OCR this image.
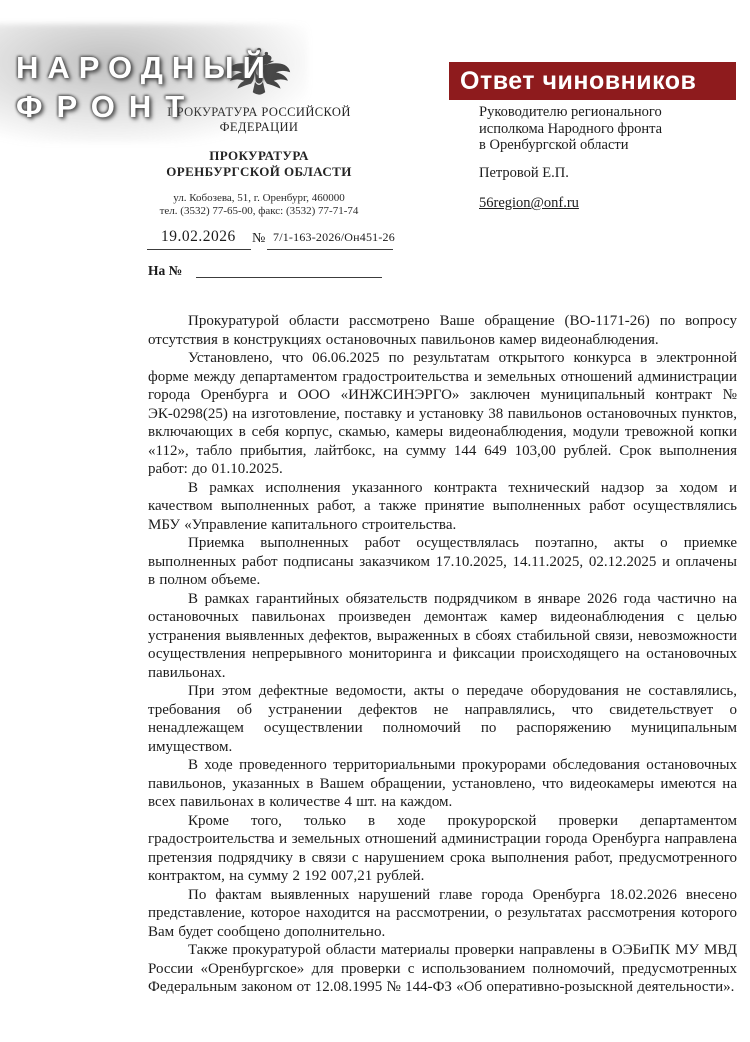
НАРОДНЫЙ
ФРОНТ
ПРОКУРАТУРА РОССИЙСКОЙ
ФЕДЕРАЦИИ
ПРОКУРАТУРА
ОРЕНБУРГСКОЙ ОБЛАСТИ
ул. Кобозева, 51, г. Оренбург, 460000
тел. (3532) 77-65-00, факс: (3532) 77-71-74
Ответ чиновников
Руководителю регионального
исполкома Народного фронта
в Оренбургской области
Петровой Е.П.
56region@onf.ru
19.02.2026 № 7/1-163-2026/Он451-26
На №

Прокуратурой области рассмотрено Ваше обращение (ВО-1171-26) по вопросу отсутствия в конструкциях остановочных павильонов камер видеонаблюдения.

Установлено, что 06.06.2025 по результатам открытого конкурса в электронной форме между департаментом градостроительства и земельных отношений администрации города Оренбурга и ООО «ИНЖСИНЭРГО» заключен муниципальный контракт № ЭК-0298(25) на изготовление, поставку и установку 38 павильонов остановочных пунктов, включающих в себя корпус, скамью, камеры видеонаблюдения, модули тревожной копки «112», табло прибытия, лайтбокс, на сумму 144 649 103,00 рублей. Срок выполнения работ: до 01.10.2025.

В рамках исполнения указанного контракта технический надзор за ходом и качеством выполненных работ, а также принятие выполненных работ осуществлялись МБУ «Управление капитального строительства.

Приемка выполненных работ осуществлялась поэтапно, акты о приемке выполненных работ подписаны заказчиком 17.10.2025, 14.11.2025, 02.12.2025 и оплачены в полном объеме.

В рамках гарантийных обязательств подрядчиком в январе 2026 года частично на остановочных павильонах произведен демонтаж камер видеонаблюдения с целью устранения выявленных дефектов, выраженных в сбоях стабильной связи, невозможности осуществления непрерывного мониторинга и фиксации происходящего на остановочных павильонах.

При этом дефектные ведомости, акты о передаче оборудования не составлялись, требования об устранении дефектов не направлялись, что свидетельствует о ненадлежащем осуществлении полномочий по распоряжению муниципальным имуществом.

В ходе проведенного территориальными прокурорами обследования остановочных павильонов, указанных в Вашем обращении, установлено, что видеокамеры имеются на всех павильонах в количестве 4 шт. на каждом.

Кроме того, только в ходе прокурорской проверки департаментом градостроительства и земельных отношений администрации города Оренбурга направлена претензия подрядчику в связи с нарушением срока выполнения работ, предусмотренного контрактом, на сумму 2 192 007,21 рублей.

По фактам выявленных нарушений главе города Оренбурга 18.02.2026 внесено представление, которое находится на рассмотрении, о результатах рассмотрения которого Вам будет сообщено дополнительно.

Также прокуратурой области материалы проверки направлены в ОЭБиПК МУ МВД России «Оренбургское» для проверки с использованием полномочий, предусмотренных Федеральным законом от 12.08.1995 № 144-ФЗ «Об оперативно-розыскной деятельности».
